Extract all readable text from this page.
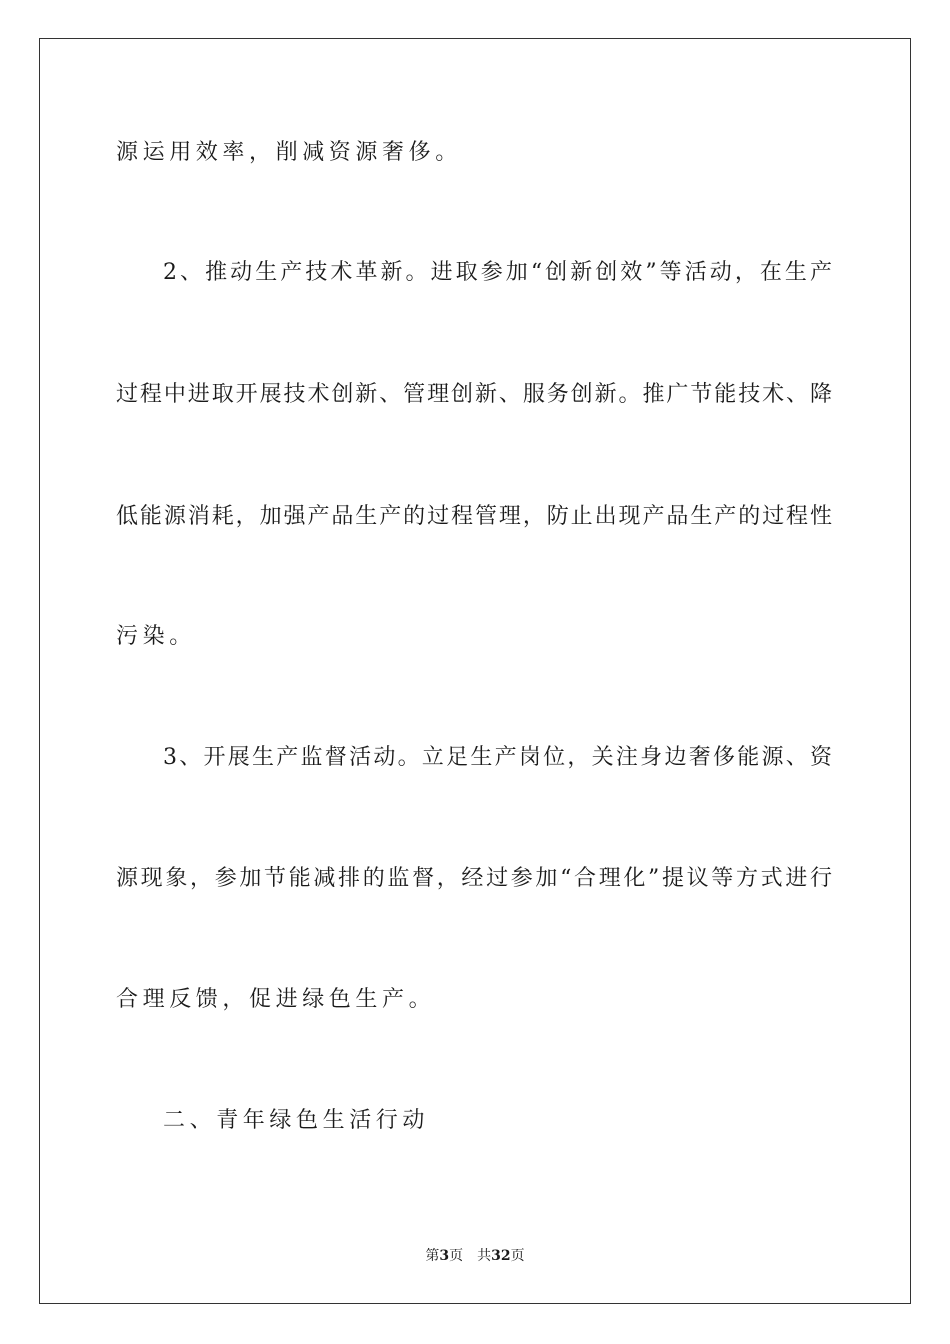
源运用效率，削减资源奢侈。
2、推动生产技术革新。进取参加“创新创效”等活动，在生产
过程中进取开展技术创新、管理创新、服务创新。推广节能技术、降
低能源消耗，加强产品生产的过程管理，防止出现产品生产的过程性
污染。
3、开展生产监督活动。立足生产岗位，关注身边奢侈能源、资
源现象，参加节能减排的监督，经过参加“合理化”提议等方式进行
合理反馈，促进绿色生产。
二、青年绿色生活行动
第3页 共32页
